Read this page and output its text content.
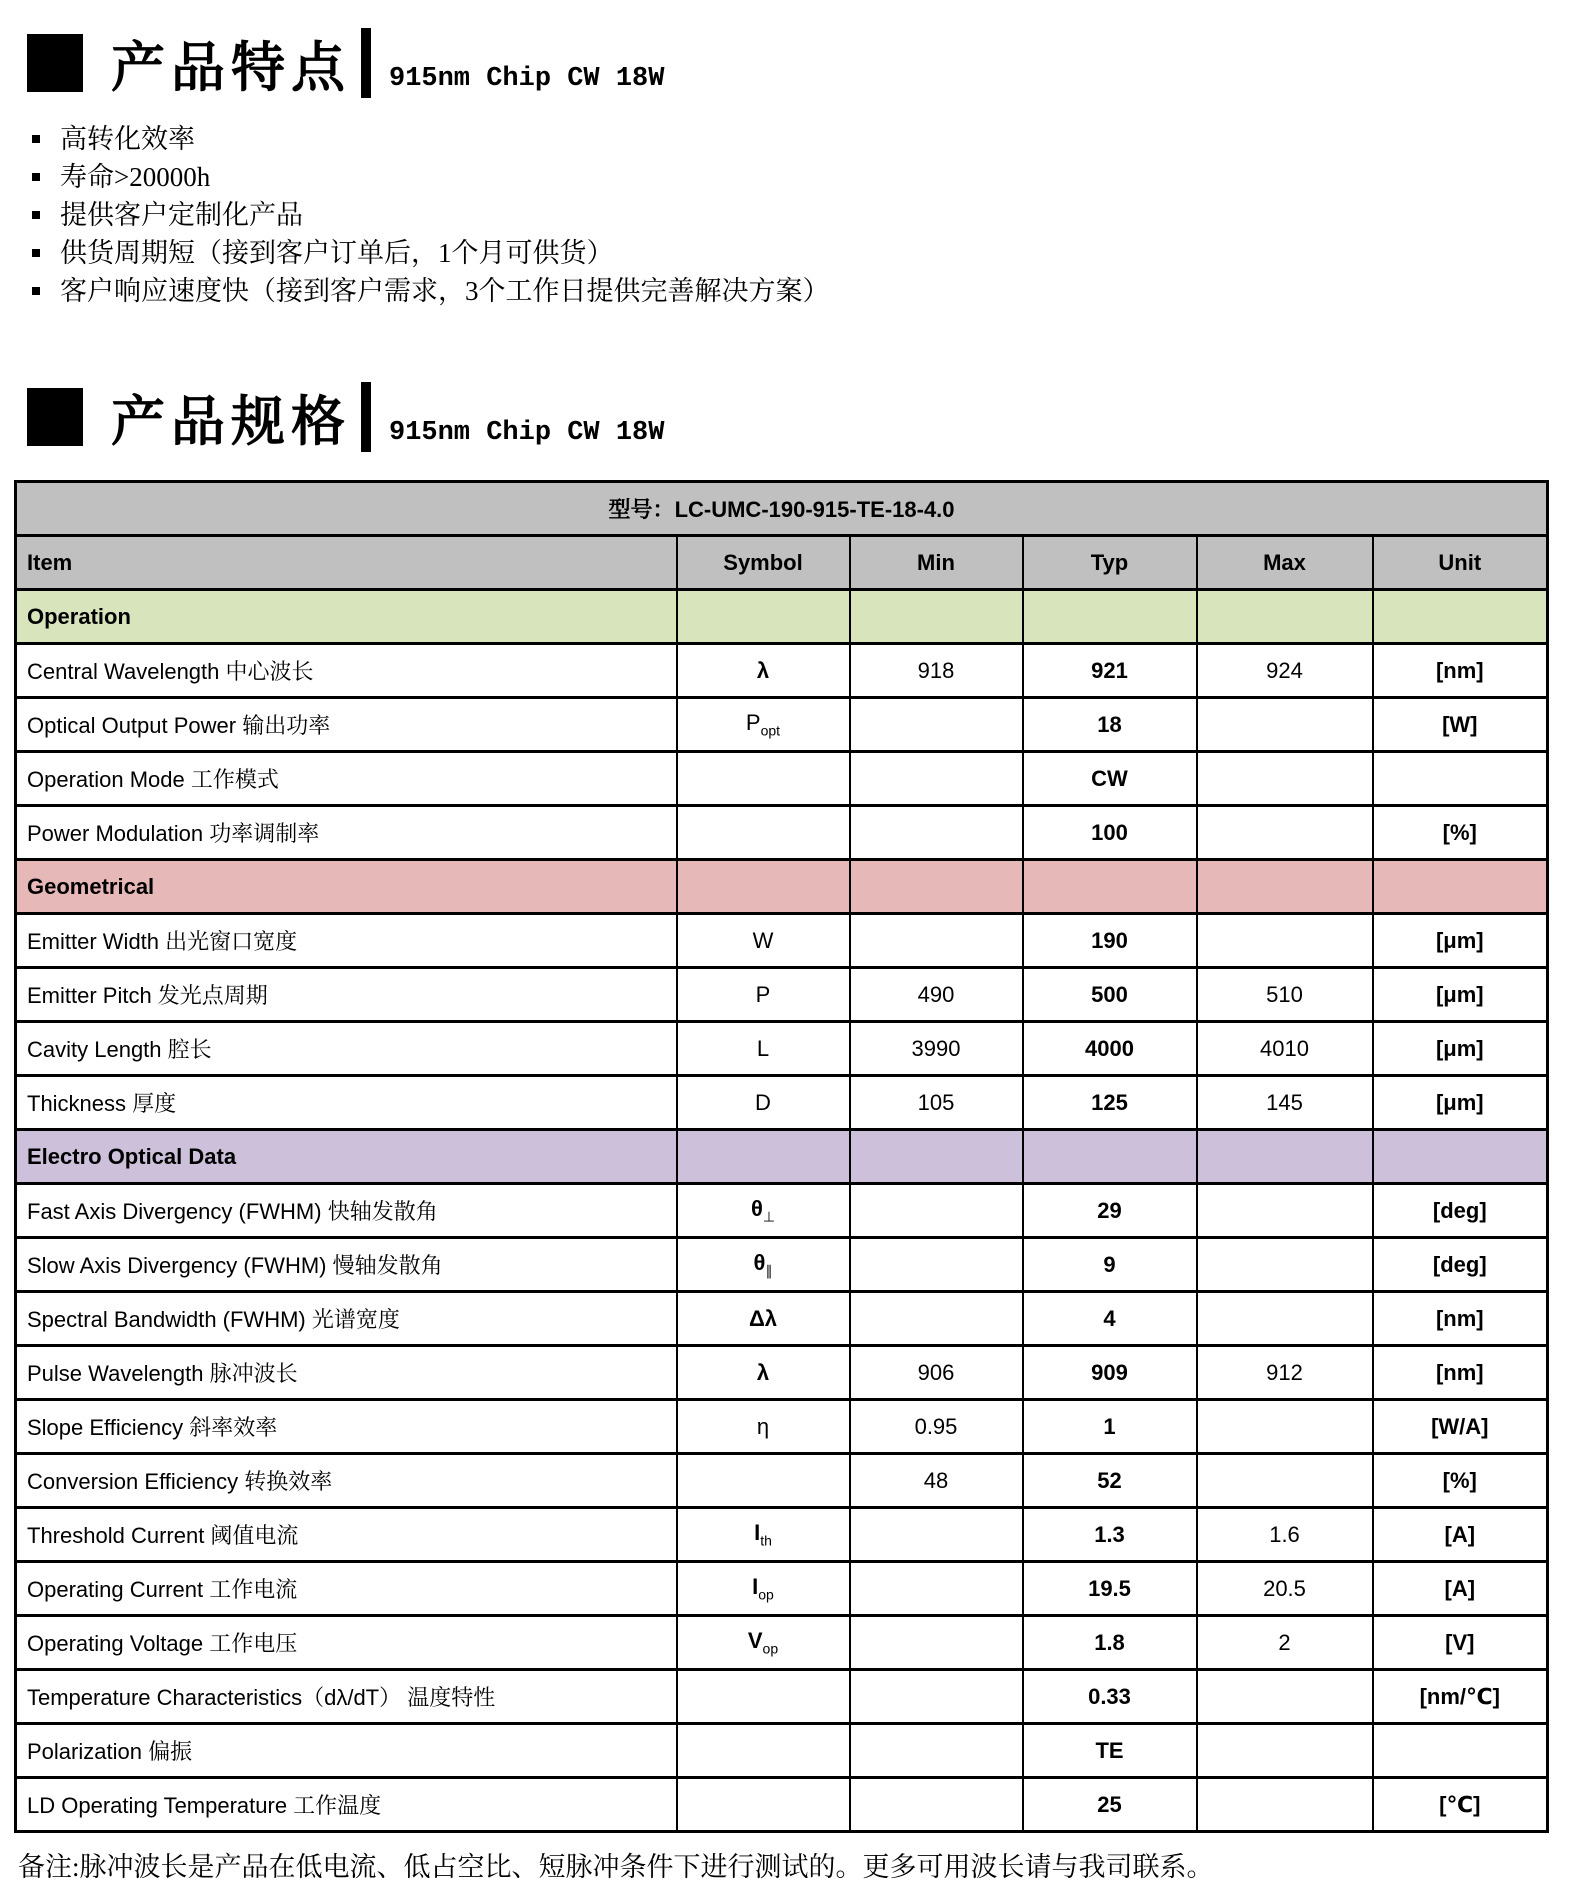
产品特点 915nm Chip CW 18W
高转化效率
寿命>20000h
提供客户定制化产品
供货周期短（接到客户订单后，1个月可供货）
客户响应速度快（接到客户需求，3个工作日提供完善解决方案）
产品规格 915nm Chip CW 18W
型号：LC-UMC-190-915-TE-18-4.0					
Item	Symbol	Min	Typ	Max	Unit
Operation					
Central Wavelength 中心波长	λ	918	921	924	[nm]
Optical Output Power 输出功率	$P_{opt}$		18		[W]
Operation Mode 工作模式			CW		
Power Modulation 功率调制率			100		[%]
Geometrical					
Emitter Width 出光窗口宽度	W		190		[μm]
Emitter Pitch 发光点周期	P	490	500	510	[μm]
Cavity Length 腔长	L	3990	4000	4010	[μm]
Thickness 厚度	D	105	125	145	[μm]
Electro Optical Data					
Fast Axis Divergency (FWHM) 快轴发散角	$\theta_\perp$		29		[deg]
Slow Axis Divergency (FWHM) 慢轴发散角	$\theta_\parallel$		9		[deg]
Spectral Bandwidth (FWHM) 光谱宽度	Δλ		4		[nm]
Pulse Wavelength 脉冲波长	λ	906	909	912	[nm]
Slope Efficiency 斜率效率	η	0.95	1		[W/A]
Conversion Efficiency 转换效率		48	52		[%]
Threshold Current 阈值电流	$I_{th}$		1.3	1.6	[A]
Operating Current 工作电流	$I_{op}$		19.5	20.5	[A]
Operating Voltage 工作电压	$V_{op}$		1.8	2	[V]
Temperature Characteristics（dλ/dT） 温度特性			0.33		[nm/℃]
Polarization 偏振			TE		
LD Operating Temperature 工作温度			25		[℃]

备注:脉冲波长是产品在低电流、低占空比、短脉冲条件下进行测试的。更多可用波长请与我司联系。
